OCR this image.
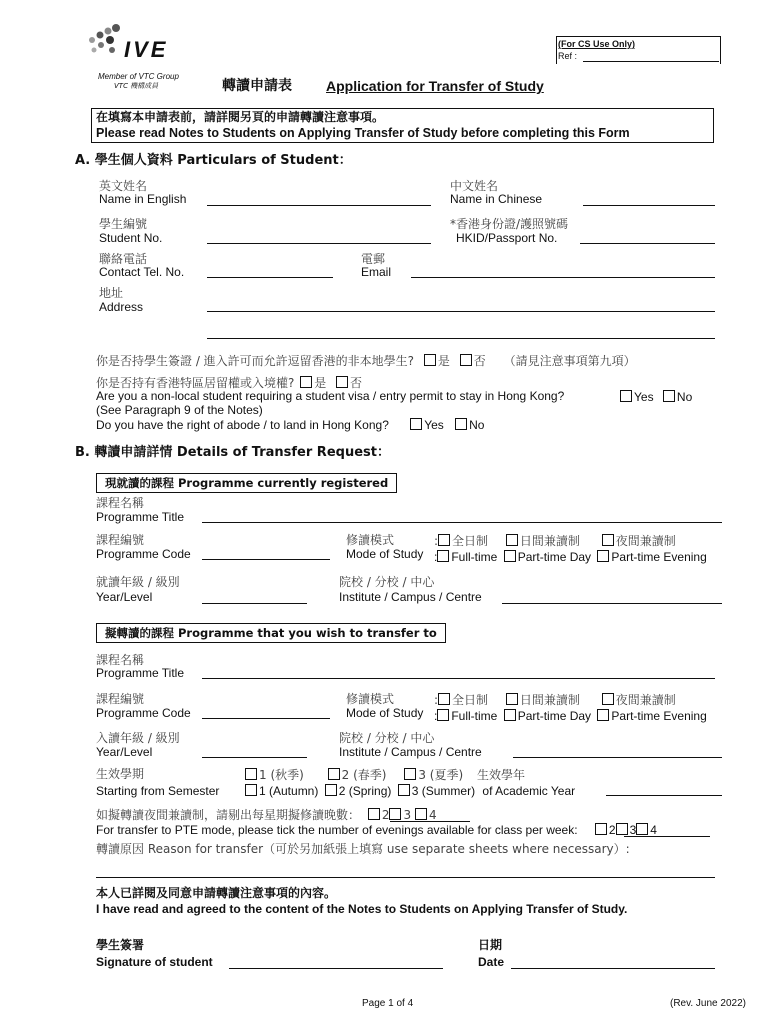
IVE
Member of VTC Group
VTC 機構成員
(For CS Use Only)
Ref :
轉讀申請表 Application for Transfer of Study
在填寫本申請表前，請詳閱另頁的申請轉讀注意事項。
Please read Notes to Students on Applying Transfer of Study before completing this Form
A. 學生個人資料 Particulars of Student：
英文姓名
Name in English
中文姓名
Name in Chinese
學生編號
Student No.
*香港身份證/護照號碼
HKID/Passport No.
聯絡電話
Contact Tel. No.
電郵
Email
地址
Address
你是否持學生簽證 / 進入許可而允許逗留香港的非本地學生? 是 否 （請見注意事項第九項）
你是否持有香港特區居留權或入境權? 是 否
Are you a non-local student requiring a student visa / entry permit to stay in Hong Kong?	Yes No
(See Paragraph 9 of the Notes)
Do you have the right of abode / to land in Hong Kong?	Yes No
B. 轉讀申請詳情 Details of Transfer Request：
現就讀的課程 Programme currently registered
課程名稱
Programme Title
課程編號
Programme Code
修讀模式
Mode of Study
: 全日制	日間兼讀制	夜間兼讀制
: Full-time Part-time Day Part-time Evening
就讀年級 / 級別
Year/Level
院校 / 分校 / 中心
Institute / Campus / Centre
擬轉讀的課程 Programme that you wish to transfer to
課程名稱
Programme Title
課程編號
Programme Code
修讀模式
Mode of Study
: 全日制	日間兼讀制	夜間兼讀制
: Full-time Part-time Day Part-time Evening
入讀年級 / 級別
Year/Level
院校 / 分校 / 中心
Institute / Campus / Centre
生效學期	1 (秋季)	2 (春季)	3 (夏季) 生效學年
Starting from Semester	1 (Autumn) 2 (Spring) 3 (Summer) of Academic Year
如擬轉讀夜間兼讀制，請剔出每星期擬修讀晚數： 2 3 4
For transfer to PTE mode, please tick the number of evenings available for class per week:	2 3 4
轉讀原因 Reason for transfer（可於另加紙張上填寫 use separate sheets where necessary）:
本人已詳閱及同意申請轉讀注意事項的內容。
I have read and agreed to the content of the Notes to Students on Applying Transfer of Study.
學生簽署
Signature of student
日期
Date
Page 1 of 4	(Rev. June 2022)
